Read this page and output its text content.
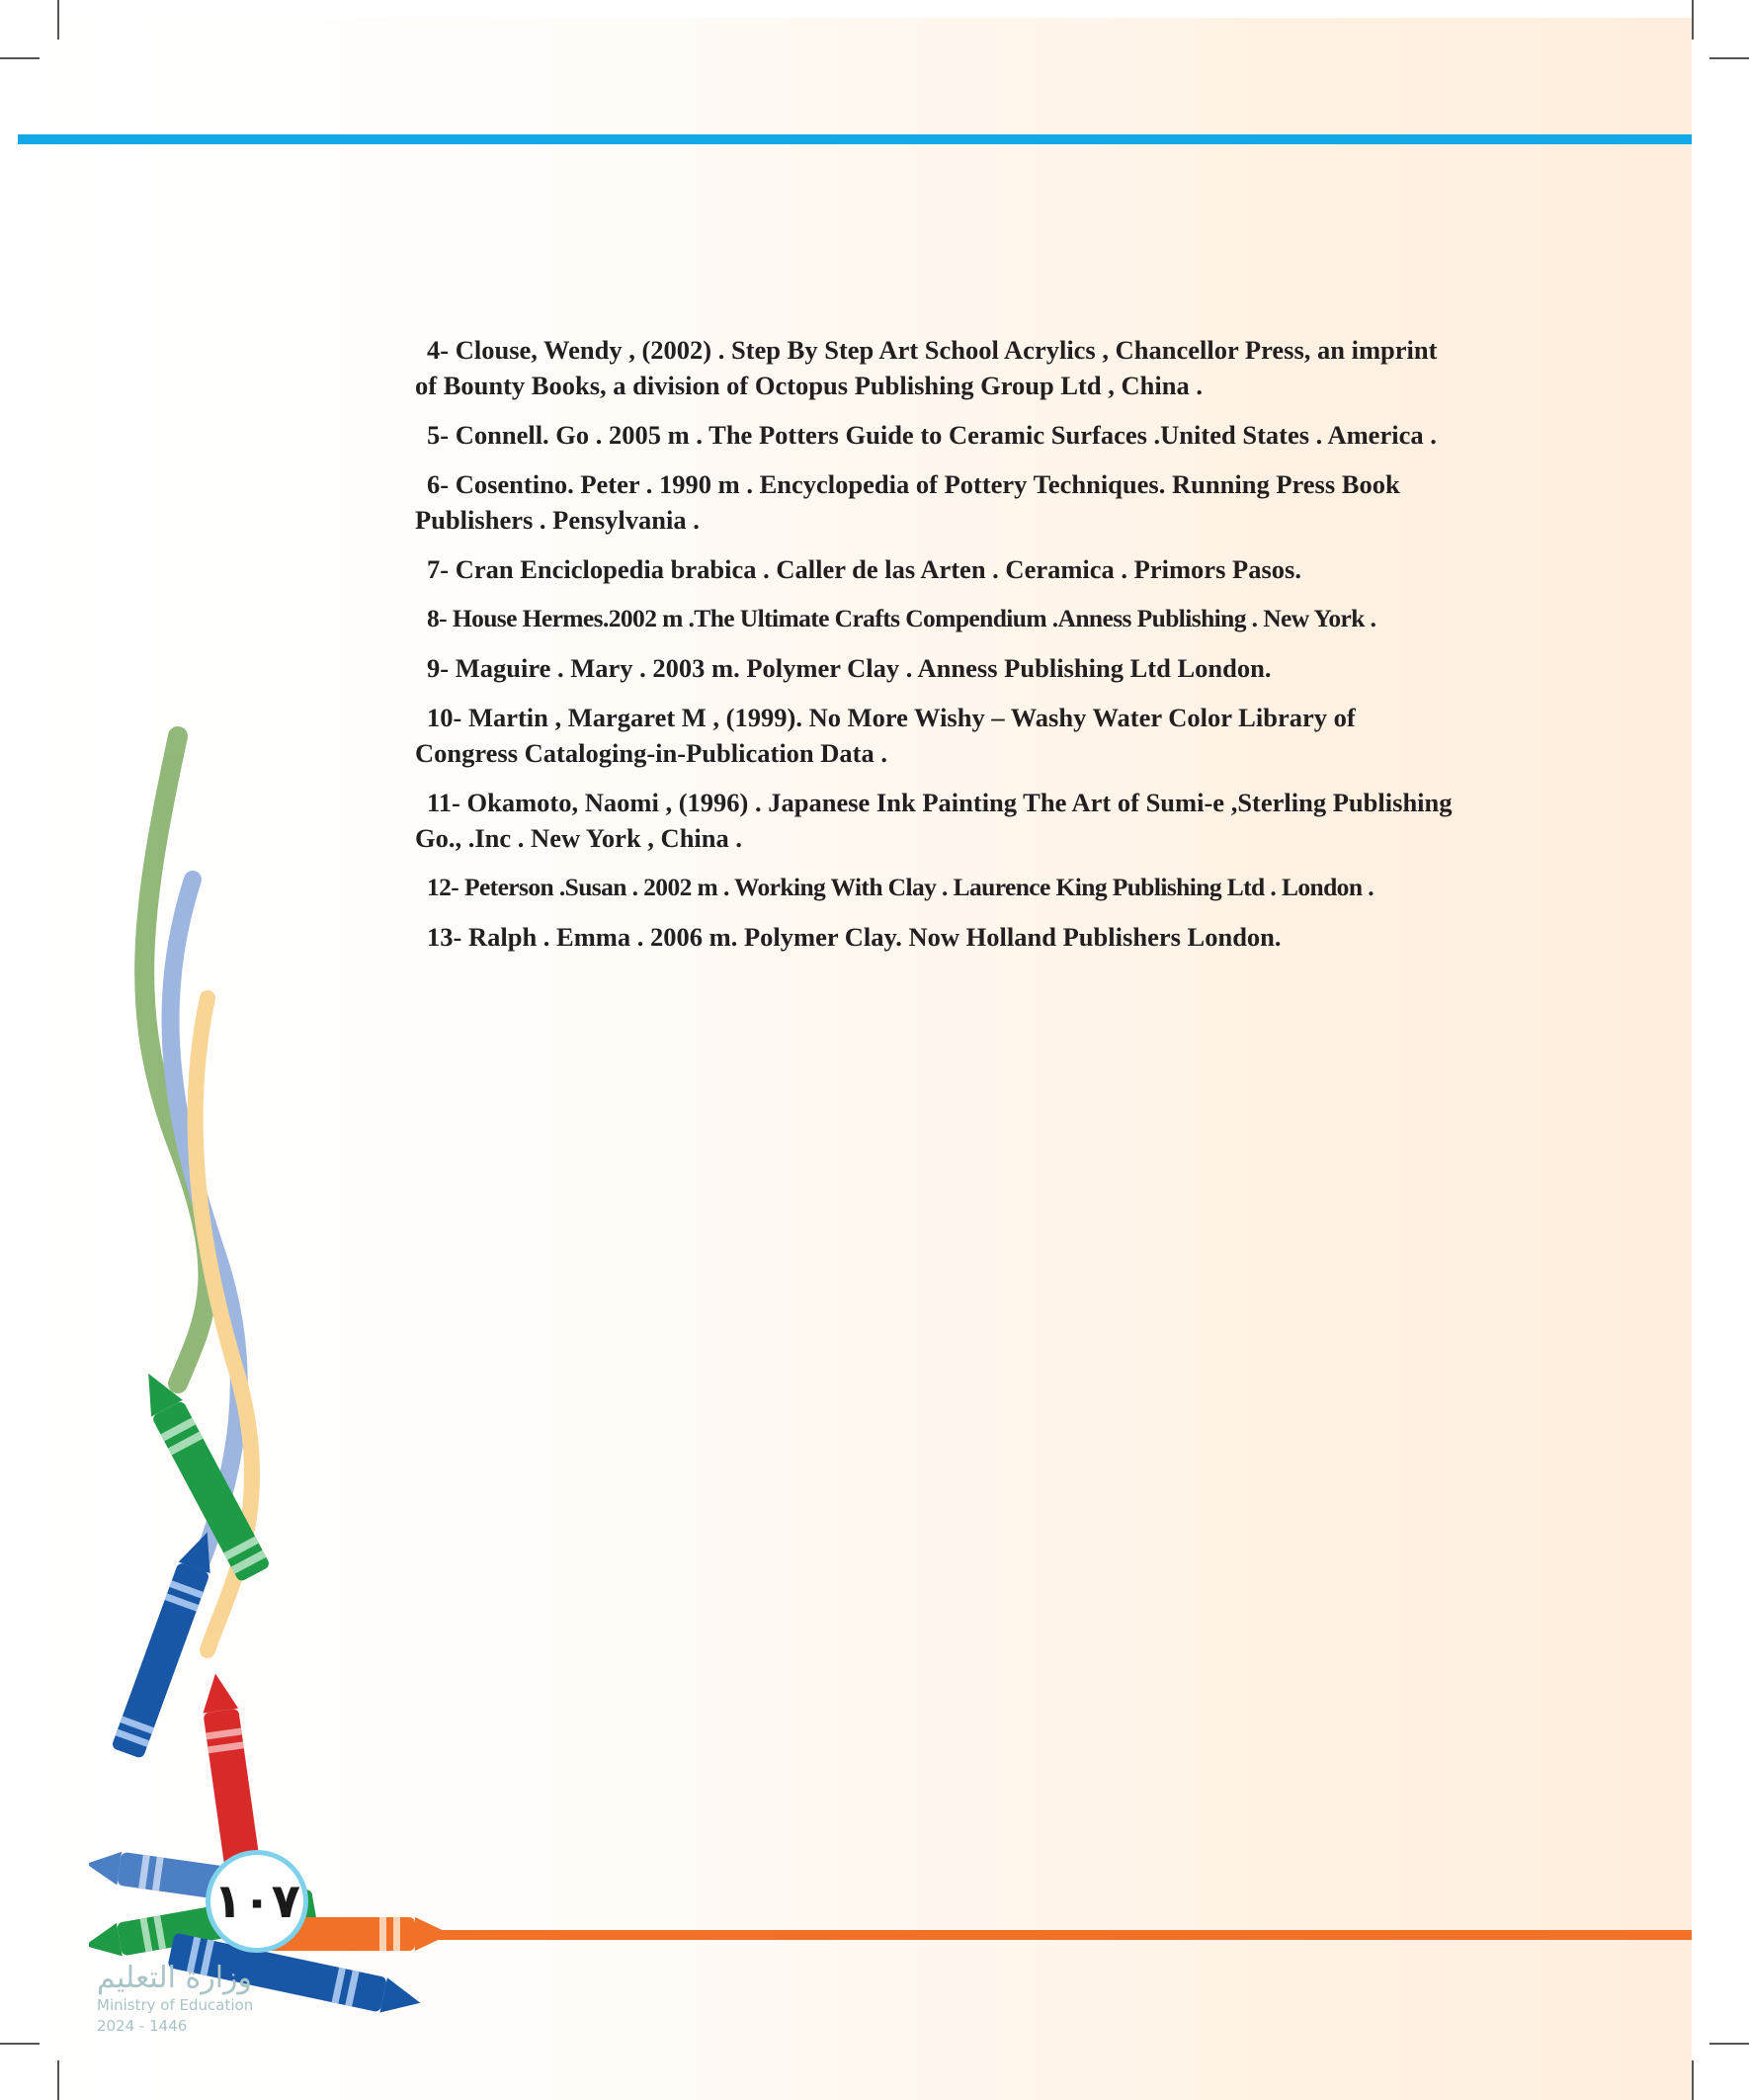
4- Clouse, Wendy , (2002) . Step By Step Art School Acrylics , Chancellor Press, an imprint of Bounty Books, a division of Octopus Publishing Group Ltd , China .
5- Connell. Go . 2005 m . The Potters Guide to Ceramic Surfaces .United States . America .
6- Cosentino. Peter . 1990 m . Encyclopedia of Pottery Techniques. Running Press Book Publishers . Pensylvania .
7- Cran Enciclopedia brabica . Caller de las Arten . Ceramica . Primors Pasos.
8- House Hermes.2002 m .The Ultimate Crafts Compendium .Anness Publishing . New York .
9- Maguire . Mary . 2003 m. Polymer Clay . Anness Publishing Ltd London.
10- Martin , Margaret M , (1999). No More Wishy – Washy Water Color Library of Congress Cataloging-in-Publication Data .
11- Okamoto, Naomi , (1996) . Japanese Ink Painting The Art of Sumi-e ,Sterling Publishing Go., .Inc . New York , China .
12- Peterson .Susan . 2002 m . Working With Clay . Laurence King Publishing Ltd . London .
13- Ralph . Emma . 2006 m. Polymer Clay. Now Holland Publishers London.
١٠٧
وزارة التعليم
Ministry of Education
2024 - 1446
